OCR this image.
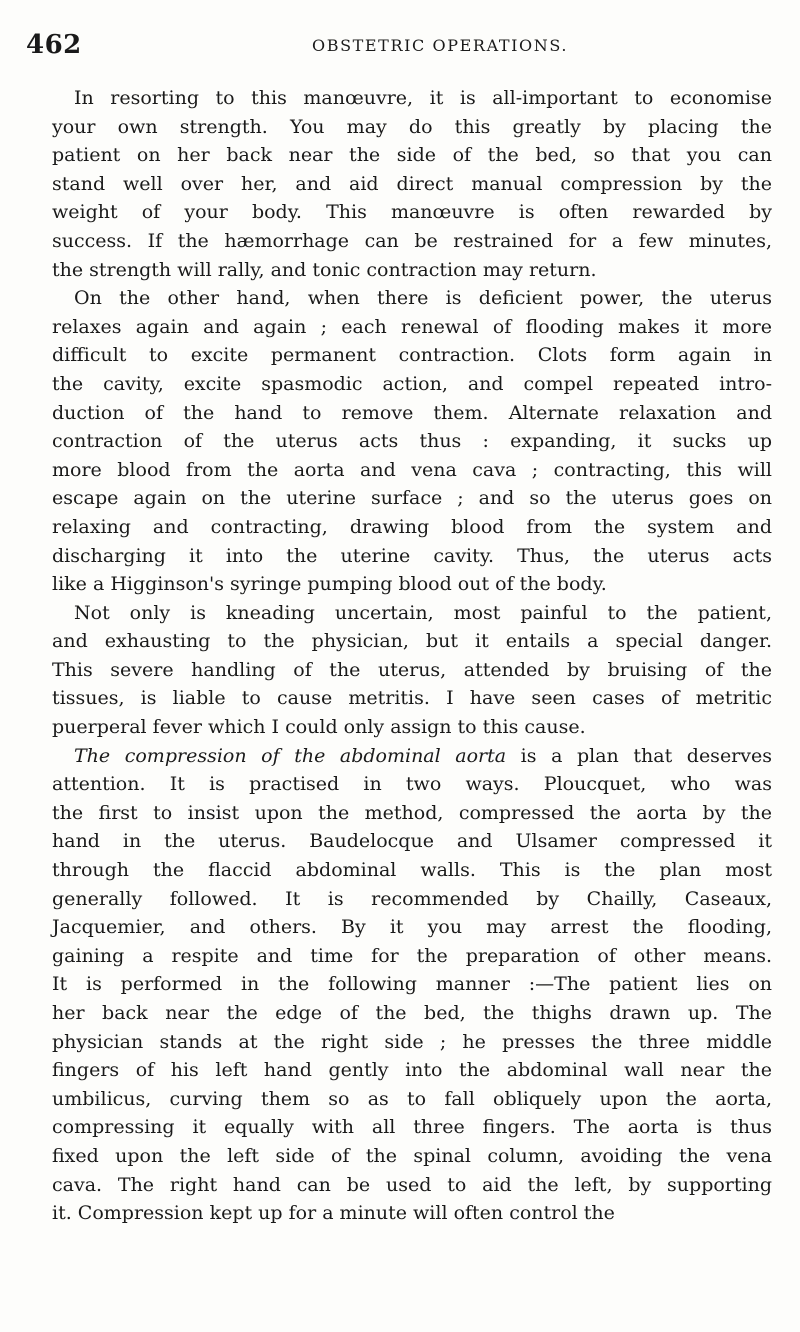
462	OBSTETRIC OPERATIONS.
In resorting to this manœuvre, it is all-important to economise
your own strength. You may do this greatly by placing the
patient on her back near the side of the bed, so that you can
stand well over her, and aid direct manual compression by the
weight of your body. This manœuvre is often rewarded by
success. If the hæmorrhage can be restrained for a few minutes,
the strength will rally, and tonic contraction may return.
On the other hand, when there is deficient power, the uterus
relaxes again and again ; each renewal of flooding makes it more
difficult to excite permanent contraction. Clots form again in
the cavity, excite spasmodic action, and compel repeated intro-
duction of the hand to remove them. Alternate relaxation and
contraction of the uterus acts thus : expanding, it sucks up
more blood from the aorta and vena cava ; contracting, this will
escape again on the uterine surface ; and so the uterus goes on
relaxing and contracting, drawing blood from the system and
discharging it into the uterine cavity. Thus, the uterus acts
like a Higginson's syringe pumping blood out of the body.
Not only is kneading uncertain, most painful to the patient,
and exhausting to the physician, but it entails a special danger.
This severe handling of the uterus, attended by bruising of the
tissues, is liable to cause metritis. I have seen cases of metritic
puerperal fever which I could only assign to this cause.
The compression of the abdominal aorta is a plan that deserves
attention. It is practised in two ways. Ploucquet, who was
the first to insist upon the method, compressed the aorta by the
hand in the uterus. Baudelocque and Ulsamer compressed it
through the flaccid abdominal walls. This is the plan most
generally followed. It is recommended by Chailly, Caseaux,
Jacquemier, and others. By it you may arrest the flooding,
gaining a respite and time for the preparation of other means.
It is performed in the following manner :—The patient lies on
her back near the edge of the bed, the thighs drawn up. The
physician stands at the right side ; he presses the three middle
fingers of his left hand gently into the abdominal wall near the
umbilicus, curving them so as to fall obliquely upon the aorta,
compressing it equally with all three fingers. The aorta is thus
fixed upon the left side of the spinal column, avoiding the vena
cava. The right hand can be used to aid the left, by supporting
it. Compression kept up for a minute will often control the
